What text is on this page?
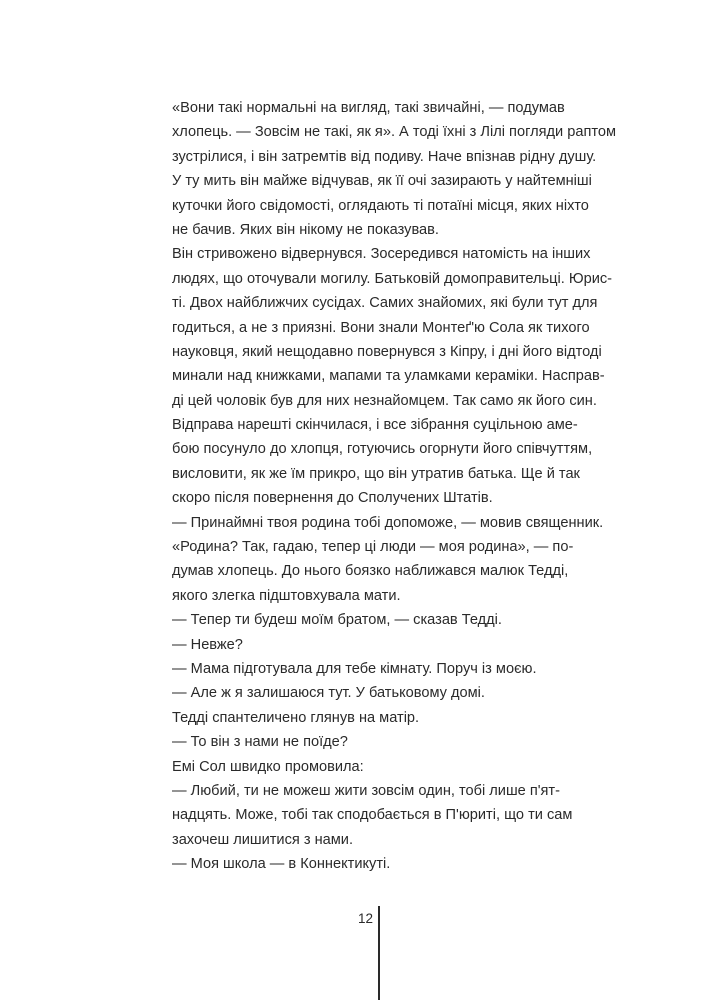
«Вони такі нормальні на вигляд, такі звичайні, — подумав
хлопець. — Зовсім не такі, як я». А тоді їхні з Лілі погляди раптом
зустрілися, і він затремтів від подиву. Наче впізнав рідну душу.
У ту мить він майже відчував, як її очі зазирають у найтемніші
куточки його свідомості, оглядають ті потаїні місця, яких ніхто
не бачив. Яких він нікому не показував.
Він стривожено відвернувся. Зосередився натомість на інших
людях, що оточували могилу. Батьковій домоправительці. Юрис-
ті. Двох найближчих сусідах. Самих знайомих, які були тут для
годиться, а не з приязні. Вони знали Монтеґ'ю Сола як тихого
науковця, який нещодавно повернувся з Кіпру, і дні його відтоді
минали над книжками, мапами та уламками кераміки. Насправ-
ді цей чоловік був для них незнайомцем. Так само як його син.
Відправа нарешті скінчилася, і все зібрання суцільною аме-
бою посунуло до хлопця, готуючись огорнути його співчуттям,
висловити, як же їм прикро, що він утратив батька. Ще й так
скоро після повернення до Сполучених Штатів.
— Принаймні твоя родина тобі допоможе, — мовив священник.
«Родина? Так, гадаю, тепер ці люди — моя родина», — по-
думав хлопець. До нього боязко наближався малюк Тедді,
якого злегка підштовхувала мати.
— Тепер ти будеш моїм братом, — сказав Тедді.
— Невже?
— Мама підготувала для тебе кімнату. Поруч із моєю.
— Але ж я залишаюся тут. У батьковому домі.
Тедді спантеличено глянув на матір.
— То він з нами не поїде?
Емі Сол швидко промовила:
— Любий, ти не можеш жити зовсім один, тобі лише п'ят-
надцять. Може, тобі так сподобається в П'юриті, що ти сам
захочеш лишитися з нами.
— Моя школа — в Коннектикуті.
12
